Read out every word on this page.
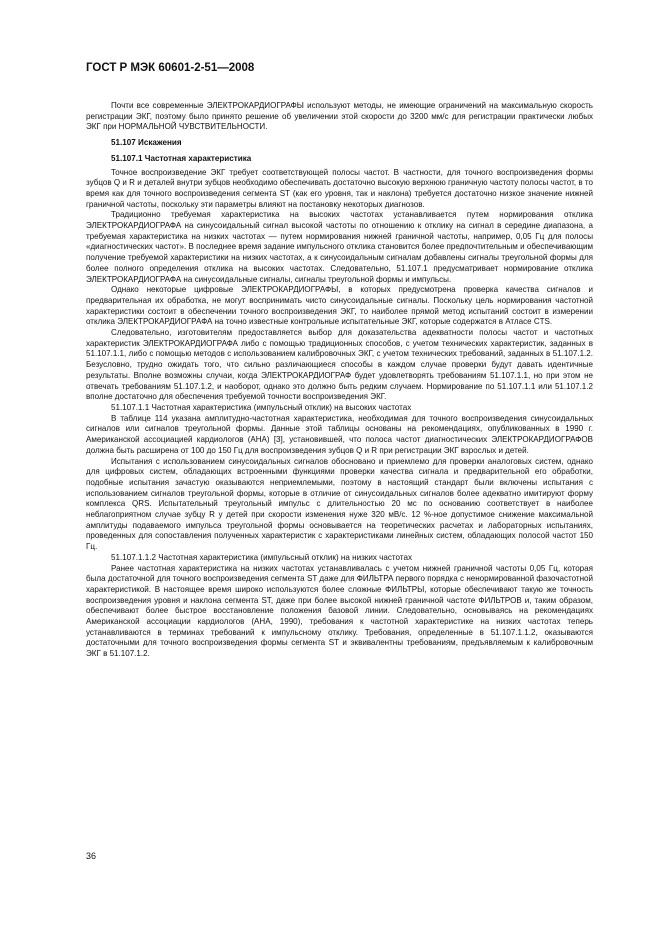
ГОСТ Р МЭК 60601-2-51—2008

Почти все современные ЭЛЕКТРОКАРДИОГРАФЫ используют методы, не имеющие ограничений на максимальную скорость регистрации ЭКГ, поэтому было принято решение об увеличении этой скорости до 3200 мм/с для регистрации практически любых ЭКГ при НОРМАЛЬНОЙ ЧУВСТВИТЕЛЬНОСТИ.

51.107 Искажения

51.107.1 Частотная характеристика

Точное воспроизведение ЭКГ требует соответствующей полосы частот. В частности, для точного воспроизведения формы зубцов Q и R и деталей внутри зубцов необходимо обеспечивать достаточно высокую верхнюю граничную частоту полосы частот, в то время как для точного воспроизведения сегмента ST (как его уровня, так и наклона) требуется достаточно низкое значение нижней граничной частоты, поскольку эти параметры влияют на постановку некоторых диагнозов.

Традиционно требуемая характеристика на высоких частотах устанавливается путем нормирования отклика ЭЛЕКТРОКАРДИОГРАФА на синусоидальный сигнал высокой частоты по отношению к отклику на сигнал в середине диапазона, а требуемая характеристика на низких частотах — путем нормирования нижней граничной частоты, например, 0,05 Гц для полосы «диагностических частот». В последнее время задание импульсного отклика становится более предпочтительным и обеспечивающим получение требуемой характеристики на низких частотах, а к синусоидальным сигналам добавлены сигналы треугольной формы для более полного определения отклика на высоких частотах. Следовательно, 51.107.1 предусматривает нормирование отклика ЭЛЕКТРОКАРДИОГРАФА на синусоидальные сигналы, сигналы треугольной формы и импульсы.

Однако некоторые цифровые ЭЛЕКТРОКАРДИОГРАФЫ, в которых предусмотрена проверка качества сигналов и предварительная их обработка, не могут воспринимать чисто синусоидальные сигналы. Поскольку цель нормирования частотной характеристики состоит в обеспечении точного воспроизведения ЭКГ, то наиболее прямой метод испытаний состоит в измерении отклика ЭЛЕКТРОКАРДИОГРАФА на точно известные контрольные испытательные ЭКГ, которые содержатся в Атласе CTS.

Следовательно, изготовителям предоставляется выбор для доказательства адекватности полосы частот и частотных характеристик ЭЛЕКТРОКАРДИОГРАФА либо с помощью традиционных способов, с учетом технических характеристик, заданных в 51.107.1.1, либо с помощью методов с использованием калибровочных ЭКГ, с учетом технических требований, заданных в 51.107.1.2. Безусловно, трудно ожидать того, что сильно различающиеся способы в каждом случае проверки будут давать идентичные результаты. Вполне возможны случаи, когда ЭЛЕКТРОКАРДИОГРАФ будет удовлетворять требованиям 51.107.1.1, но при этом не отвечать требованиям 51.107.1.2, и наоборот, однако это должно быть редким случаем. Нормирование по 51.107.1.1 или 51.107.1.2 вполне достаточно для обеспечения требуемой точности воспроизведения ЭКГ.

51.107.1.1 Частотная характеристика (импульсный отклик) на высоких частотах

В таблице 114 указана амплитудно-частотная характеристика, необходимая для точного воспроизведения синусоидальных сигналов или сигналов треугольной формы. Данные этой таблицы основаны на рекомендациях, опубликованных в 1990 г. Американской ассоциацией кардиологов (АНА) [3], установившей, что полоса частот диагностических ЭЛЕКТРОКАРДИОГРАФОВ должна быть расширена от 100 до 150 Гц для воспроизведения зубцов Q и R при регистрации ЭКГ взрослых и детей.

Испытания с использованием синусоидальных сигналов обосновано и приемлемо для проверки аналоговых систем, однако для цифровых систем, обладающих встроенными функциями проверки качества сигнала и предварительной его обработки, подобные испытания зачастую оказываются неприемлемыми, поэтому в настоящий стандарт были включены испытания с использованием сигналов треугольной формы, которые в отличие от синусоидальных сигналов более адекватно имитируют форму комплекса QRS. Испытательный треугольный импульс с длительностью 20 мс по основанию соответствует в наиболее неблагоприятном случае зубцу R у детей при скорости изменения нуже 320 мВ/с. 12 %-ное допустимое снижение максимальной амплитуды подаваемого импульса треугольной формы основывается на теоретических расчетах и лабораторных испытаниях, проведенных для сопоставления полученных характеристик с характеристиками линейных систем, обладающих полосой частот 150 Гц.

51.107.1.1.2 Частотная характеристика (импульсный отклик) на низких частотах

Ранее частотная характеристика на низких частотах устанавливалась с учетом нижней граничной частоты 0,05 Гц, которая была достаточной для точного воспроизведения сегмента ST даже для ФИЛЬТРА первого порядка с ненормированной фазочастотной характеристикой. В настоящее время широко используются более сложные ФИЛЬТРЫ, которые обеспечивают такую же точность воспроизведения уровня и наклона сегмента ST, даже при более высокой нижней граничной частоте ФИЛЬТРОВ и, таким образом, обеспечивают более быстрое восстановление положения базовой линии. Следовательно, основываясь на рекомендациях Американской ассоциации кардиологов (АНА, 1990), требования к частотной характеристике на низких частотах теперь устанавливаются в терминах требований к импульсному отклику. Требования, определенные в 51.107.1.1.2, оказываются достаточными для точного воспроизведения формы сегмента ST и эквивалентны требованиям, предъявляемым к калибровочным ЭКГ в 51.107.1.2.

36
